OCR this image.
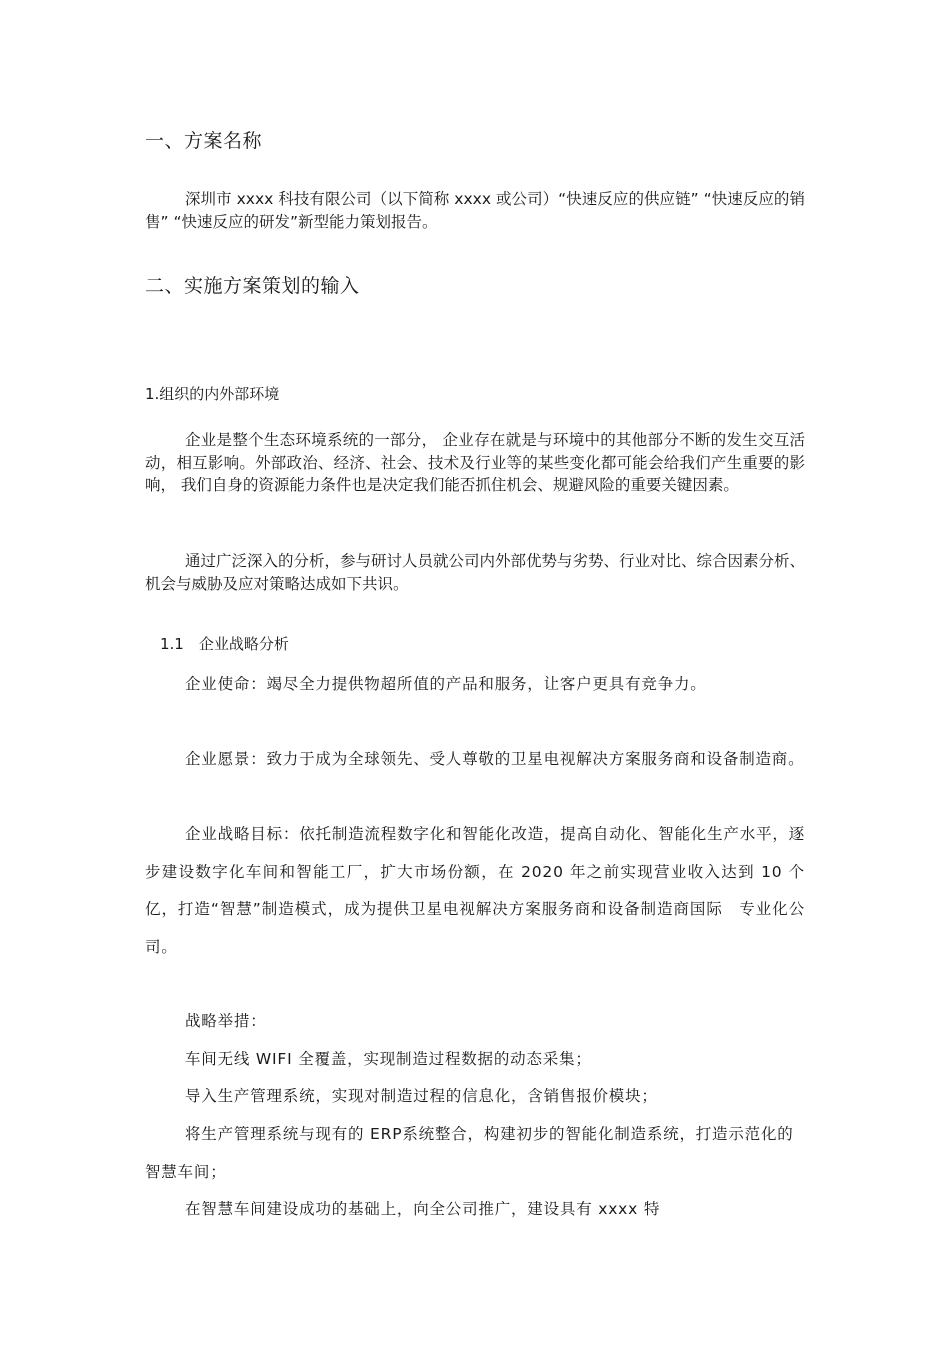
一、方案名称

深圳市 xxxx 科技有限公司（以下简称 xxxx 或公司）“快速反应的供应链” “快速反应的销售” “快速反应的研发”新型能力策划报告。

二、实施方案策划的输入
1.组织的内外部环境

企业是整个生态环境系统的一部分， 企业存在就是与环境中的其他部分不断的发生交互活动，相互影响。外部政治、经济、社会、技术及行业等的某些变化都可能会给我们产生重要的影响， 我们自身的资源能力条件也是决定我们能否抓住机会、规避风险的重要关键因素。

通过广泛深入的分析，参与研讨人员就公司内外部优势与劣势、行业对比、综合因素分析、机会与威胁及应对策略达成如下共识。

1.1　企业战略分析

企业使命：竭尽全力提供物超所值的产品和服务，让客户更具有竞争力。

企业愿景：致力于成为全球领先、受人尊敬的卫星电视解决方案服务商和设备制造商。

企业战略目标：依托制造流程数字化和智能化改造，提高自动化、智能化生产水平，逐步建设数字化车间和智能工厂，扩大市场份额，在 2020 年之前实现营业收入达到 10 个亿，打造“智慧”制造模式，成为提供卫星电视解决方案服务商和设备制造商国际　专业化公司。

战略举措：

车间无线 WIFI 全覆盖，实现制造过程数据的动态采集；

导入生产管理系统，实现对制造过程的信息化，含销售报价模块；

将生产管理系统与现有的 ERP系统整合，构建初步的智能化制造系统，打造示范化的智慧车间；

在智慧车间建设成功的基础上，向全公司推广，建设具有 xxxx 特
